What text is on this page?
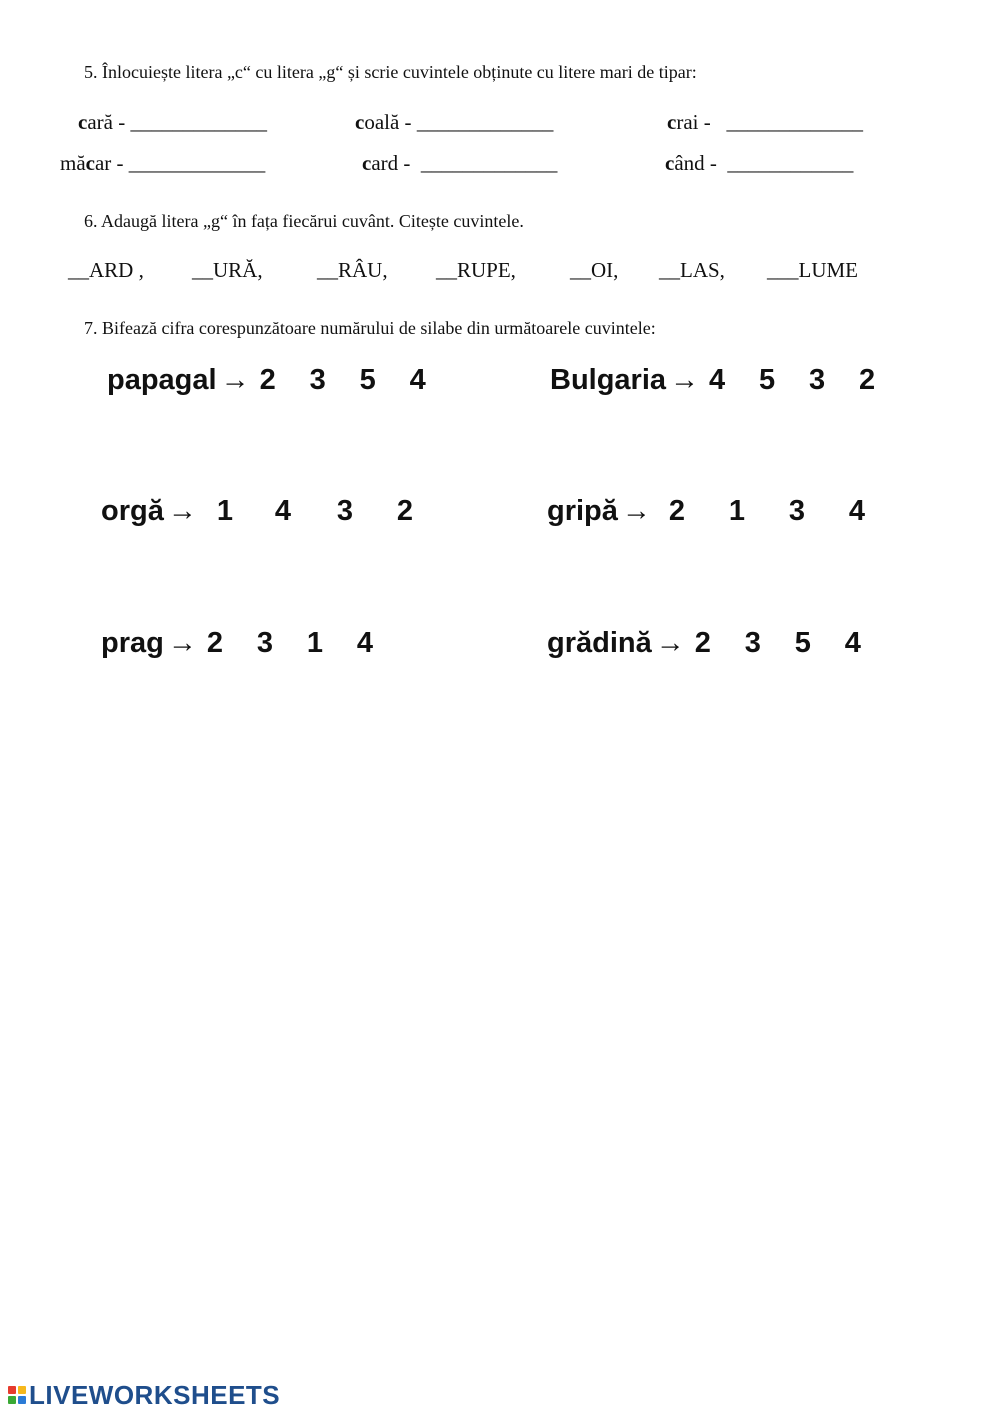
5. Înlocuiește litera „c“ cu litera „g“ și scrie cuvintele obținute cu litere mari de tipar:
cară - _____________	coală - _____________	crai - _____________
măcar - _____________	card - _____________	când - ____________
6. Adaugă litera „g“ în fața fiecărui cuvânt. Citește cuvintele.
__ARD , __URĂ,	__RÂU, __RUPE,	__OI, __LAS, ___LUME
7. Bifează cifra corespunzătoare numărului de silabe din următoarele cuvintele:
papagal → 2 3 5 4	Bulgaria → 4 5 3 2
orgă → 1 4 3 2	gripă → 2 1 3 4
prag → 2 3 1 4	grădină → 2 3 5 4
LIVEWORKSHEETS
